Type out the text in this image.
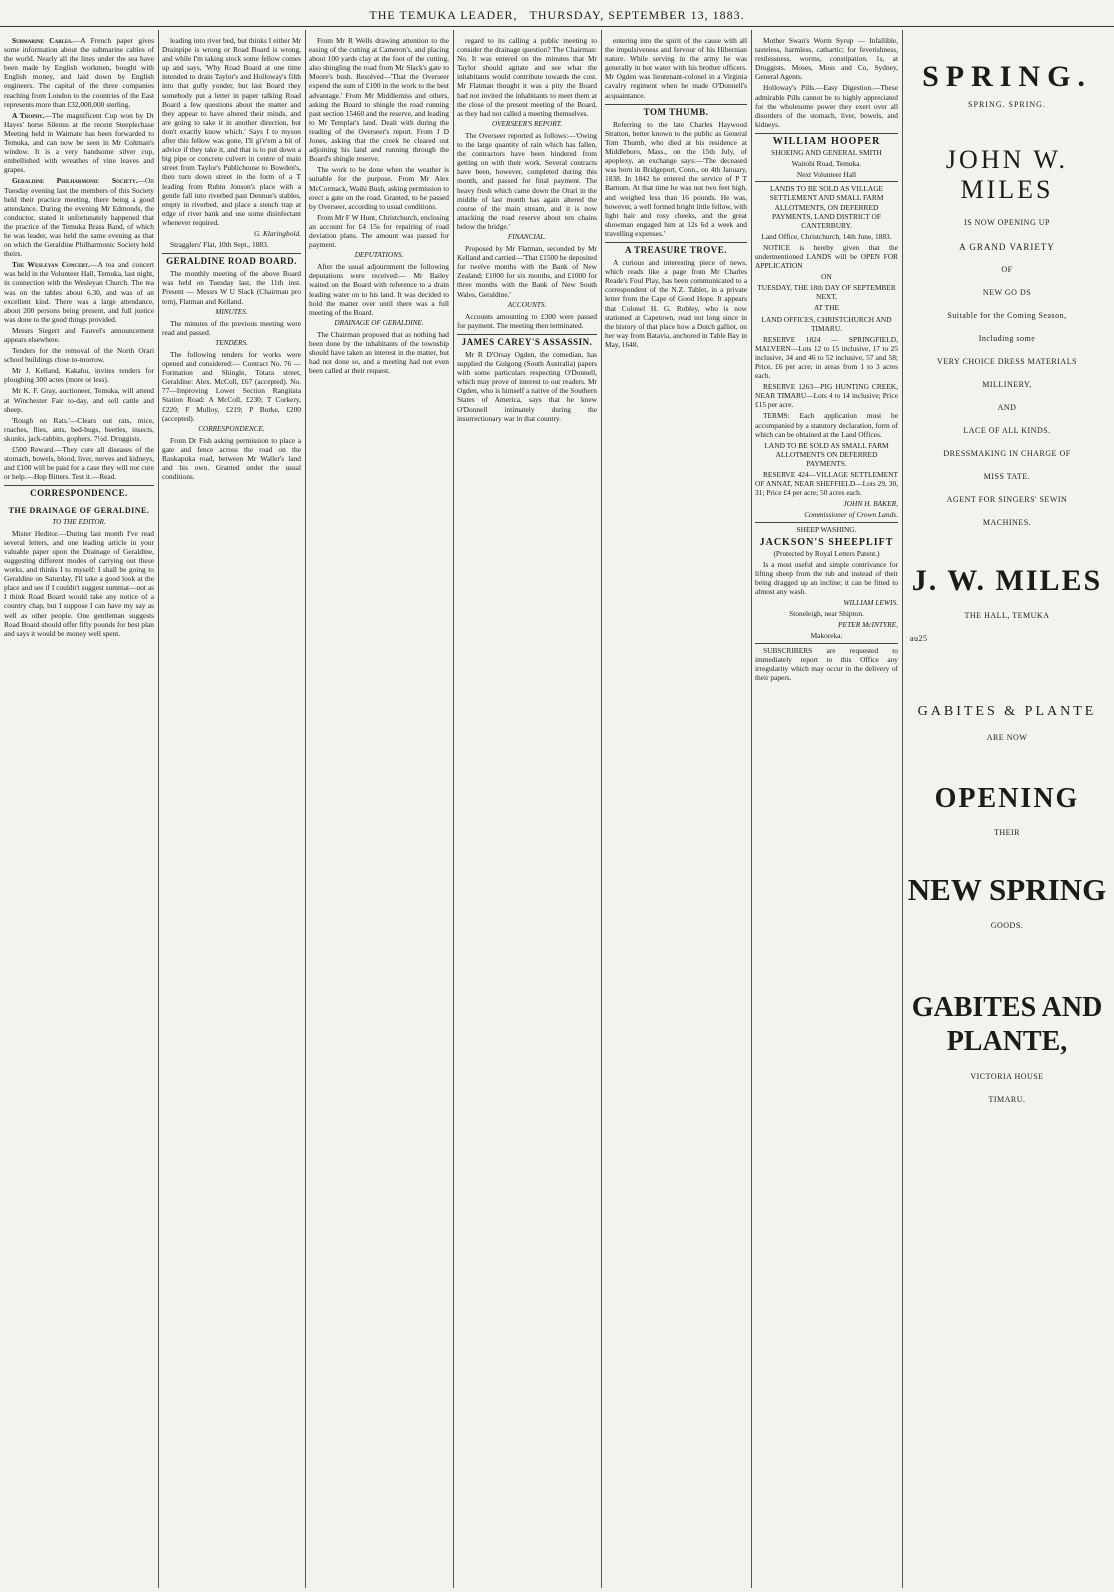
THE TEMUKA LEADER, THURSDAY, SEPTEMBER 13, 1883.

Submarine Cables.—A French paper gives some information about the submarine cables of the world. Nearly all the lines under the sea have been made by English workmen, bought with English money, and laid down by English engineers. The capital of the three companies reaching from London to the countries of the East represents more than £32,000,000 sterling.

A Trophy.—The magnificent Cup won by Dr Hayes' horse Silenus at the recent Steeplechase Meeting held in Waimate has been forwarded to Temuka, and can now be seen in Mr Coltman's window. It is a very handsome silver cup, embellished with wreathes of vine leaves and grapes.

Geraldine Philharmonic Society.—On Tuesday evening last the members of this Society held their practice meeting, there being a good attendance. During the evening Mr Edmonds, the conductor, stated it unfortunately happened that the practice of the Temuka Brass Band, of which he was leader, was held the same evening as that on which the Geraldine Philharmonic Society held theirs.

The Wesleyan Concert.—A tea and concert was held in the Volunteer Hall, Temuka, last night, in connection with the Wesleyan Church. The tea was on the tables about 6.30, and was of an excellent kind. There was a large attendance, about 200 persons being present, and full justice was done to the good things provided.

Messrs Siegert and Fauvel's announcement appears elsewhere.

Tenders for the removal of the North Orari school buildings close to-morrow.

Mr J. Kelland, Kakahu, invites tenders for ploughing 300 acres (more or less).

Mr K. F. Gray, auctioneer, Temuka, will attend at Winchester Fair to-day, and sell cattle and sheep.

'Rough on Rats.'—Clears out rats, mice, roaches, flies, ants, bed-bugs, beetles, insects, skunks, jack-rabbits, gophers. 7½d. Druggists.

£500 Reward.—They cure all diseases of the stomach, bowels, blood, liver, nerves and kidneys, and £100 will be paid for a case they will not cure or help.—Hop Bitters. Test it.—Read.

CORRESPONDENCE.
THE DRAINAGE OF GERALDINE.
TO THE EDITOR.

Mister Heditor.—During last month I've read several letters, and one leading article in your valuable paper upon the Drainage of Geraldine, suggesting different modes of carrying out these works, and thinks I to myself: I shall be going to Geraldine on Saturday, I'll take a good look at the place and see if I couldn't suggest summat—not as I think Road Board would take any notice of a country chap, but I suppose I can have my say as well as other people. One gentleman suggests Road Board should offer fifty pounds for best plan and says it would be money well spent.

leading into river bed, but thinks I either Mr Drainpipe is wrong or Road Board is wrong, and while I'm taking stock some fellow comes up and says, 'Why Road Board at one time intended to drain Taylor's and Holloway's filth into that gully yonder, but last Board they somebody put a letter in paper talking Road Board a few questions about the matter and they appear to have altered their minds, and are going to take it in another direction, but don't exactly know which.' Says I to myson after this fellow was gone, I'll gi'e'em a bit of advice if they take it, and that is to put down a big pipe or concrete culvert in centre of main street from Taylor's Publichouse to Bowden's, then turn down street in the form of a T leading from Rubin Jonson's place with a gentle fall into riverbed past Dennue's stables, empty in riverbed, and place a stench trap at edge of river bank and use some disinfectant whenever required.

G. Klaringbold.

Stragglers' Flat, 10th Sept., 1883.

GERALDINE ROAD BOARD.

The monthly meeting of the above Board was held on Tuesday last, the 11th inst. Present — Messrs W U Slack (Chairman pro tem), Flatman and Kelland.

MINUTES.

The minutes of the previous meeting were read and passed.

TENDERS.

The following tenders for works were opened and considered:— Contract No. 76 — Formation and Shingle, Totara street, Geraldine: Alex. McColl, £67 (accepted). No. 77—Improving Lower Section Rangitata Station Road: A McColl, £230; T Corkery, £220; F Mulloy, £219; P Burke, £200 (accepted).

CORRESPONDENCE.

From Dr Fish asking permission to place a gate and fence across the road on the Raukapuka road, between Mr Waller's land and his own. Granted under the usual conditions.

From Mr R Wells drawing attention to the easing of the cutting at Cameron's, and placing about 100 yards clay at the foot of the cutting, also shingling the road from Mr Slack's gate to Moore's bush. Resolved—'That the Overseer expend the sum of £100 in the work to the best advantage.' From Mr Middlemiss and others, asking the Board to shingle the road running past section 15460 and the reserve, and leading to Mr Templar's land. Dealt with during the reading of the Overseer's report. From J D Jones, asking that the creek be cleared out adjoining his land and running through the Board's shingle reserve.

The work to be done when the weather is suitable for the purpose. From Mr Alex McCormack, Waihi Bush, asking permission to erect a gate on the road. Granted, to be passed by Overseer, according to usual conditions.

From Mr F W Hunt, Christchurch, enclosing an account for £4 15s for repairing of road deviation plans. The amount was passed for payment.

DEPUTATIONS.

After the usual adjournment the following deputations were received:— Mr Bailey waited on the Board with reference to a drain leading water on to his land. It was decided to hold the matter over until there was a full meeting of the Board.

DRAINAGE OF GERALDINE.

The Chairman proposed that as nothing had been done by the inhabitants of the township should have taken an interest in the matter, but had not done so, and a meeting had not even been called at their request.

regard to its calling a public meeting to consider the drainage question? The Chairman: No. It was entered on the minutes that Mr Taylor should agitate and see what the inhabitants would contribute towards the cost. Mr Flatman thought it was a pity the Board had not invited the inhabitants to meet them at the close of the present meeting of the Board, as they had not called a meeting themselves.

OVERSEER'S REPORT.

The Overseer reported as follows:—'Owing to the large quantity of rain which has fallen, the contractors have been hindered from getting on with their work. Several contracts have been, however, completed during this month, and passed for final payment. The heavy fresh which came down the Orari in the middle of last month has again altered the course of the main stream, and it is now attacking the road reserve about ten chains below the bridge.'

FINANCIAL.

Proposed by Mr Flatman, seconded by Mr Kelland and carried—'That £1500 be deposited for twelve months with the Bank of New Zealand; £1000 for six months, and £1000 for three months with the Bank of New South Wales, Geraldine.'

ACCOUNTS.

Accounts amounting to £300 were passed for payment. The meeting then terminated.

JAMES CAREY'S ASSASSIN.

Mr R D'Orsay Ogden, the comedian, has supplied the Gulgong (South Australia) papers with some particulars respecting O'Donnell, which may prove of interest to our readers. Mr Ogden, who is himself a native of the Southern States of America, says that he knew O'Donnell intimately during the insurrectionary war in that country.

entering into the spirit of the cause with all the impulsiveness and fervour of his Hibernian nature. While serving in the army he was generally in hot water with his brother officers. Mr Ogden was lieutenant-colonel in a Virginia cavalry regiment when he made O'Donnell's acquaintance.

TOM THUMB.

Referring to the late Charles Haywood Stratton, better known to the public as General Tom Thumb, who died at his residence at Middleboro, Mass., on the 15th July, of apoplexy, an exchange says:—'The deceased was born in Bridgeport, Conn., on 4th January, 1838. In 1842 he entered the service of P T Barnum. At that time he was not two feet high, and weighed less than 16 pounds. He was, however, a well formed bright little fellow, with light hair and rosy cheeks, and the great showman engaged him at 12s 6d a week and travelling expenses.'

A TREASURE TROVE.

A curious and interesting piece of news, which reads like a page from Mr Charles Reade's Foul Play, has been communicated to a correspondent of the N.Z. Tablet, in a private letter from the Cape of Good Hope. It appears that Colonel H. G. Robley, who is now stationed at Capetown, read not long since in the history of that place how a Dutch galliot, on her way from Batavia, anchored in Table Bay in May, 1648.

Mother Swan's Worm Syrup — Infallible, tasteless, harmless, cathartic; for feverishness, restlessness, worms, constipation. 1s, at Druggists. Moses, Moss and Co, Sydney, General Agents.

Holloway's Pills.—Easy Digestion.—These admirable Pills cannot be to highly appreciated for the wholesome power they exert over all disorders of the stomach, liver, bowels, and kidneys.

WILLIAM HOOPER

SHOEING AND GENERAL SMITH

Waitohi Road, Temuka.

Next Volunteer Hall

LANDS TO BE SOLD AS VILLAGE SETTLEMENT AND SMALL FARM ALLOTMENTS, ON DEFERRED PAYMENTS, LAND DISTRICT OF CANTERBURY.

Land Office, Christchurch, 14th June, 1883.

NOTICE is hereby given that the undermentioned LANDS will be OPEN FOR APPLICATION

ON

TUESDAY, THE 18th DAY OF SEPTEMBER NEXT,

AT THE

LAND OFFICES, CHRISTCHURCH AND TIMARU.

RESERVE 1824 — SPRINGFIELD, MALVERN—Lots 12 to 15 inclusive, 17 to 25 inclusive, 34 and 46 to 52 inclusive, 57 and 58; Price, £6 per acre; in areas from 1 to 3 acres each.

RESERVE 1263—PIG HUNTING CREEK, NEAR TIMARU—Lots 4 to 14 inclusive; Price £15 per acre.

TERMS: Each application must be accompanied by a statutory declaration, form of which can be obtained at the Land Offices.

LAND TO BE SOLD AS SMALL FARM ALLOTMENTS ON DEFERRED PAYMENTS.

RESERVE 424—VILLAGE SETTLEMENT OF ANNAT, NEAR SHEFFIELD—Lots 29, 30, 31; Price £4 per acre; 50 acres each.

JOHN H. BAKER,

Commissioner of Crown Lands.

SHEEP WASHING.

JACKSON'S SHEEPLIFT

(Protected by Royal Letters Patent.)

Is a most useful and simple contrivance for lifting sheep from the tub and instead of their being dragged up an incline; it can be fitted to almost any wash.

WILLIAM LEWIS.

Stoneleigh, near Shipton.

PETER McINTYRE,

Makoreka.

SUBSCRIBERS are requested to immediately report to this Office any irregularity which may occur in the delivery of their papers.

SPRING.
SPRING. SPRING.
JOHN W. MILES
IS NOW OPENING UP
A GRAND VARIETY
OF
NEW GO DS
Suitable for the Coming Season,
Including some
VERY CHOICE DRESS MATERIALS
MILLINERY,
AND
LACE OF ALL KINDS.
DRESSMAKING IN CHARGE OF
MISS TATE.
AGENT FOR SINGERS' SEWIN
MACHINES.
J. W. MILES
THE HALL, TEMUKA
au25
GABITES & PLANTE
ARE NOW
OPENING
THEIR
NEW SPRING
GOODS.
GABITES AND PLANTE,
VICTORIA HOUSE
TIMARU.
